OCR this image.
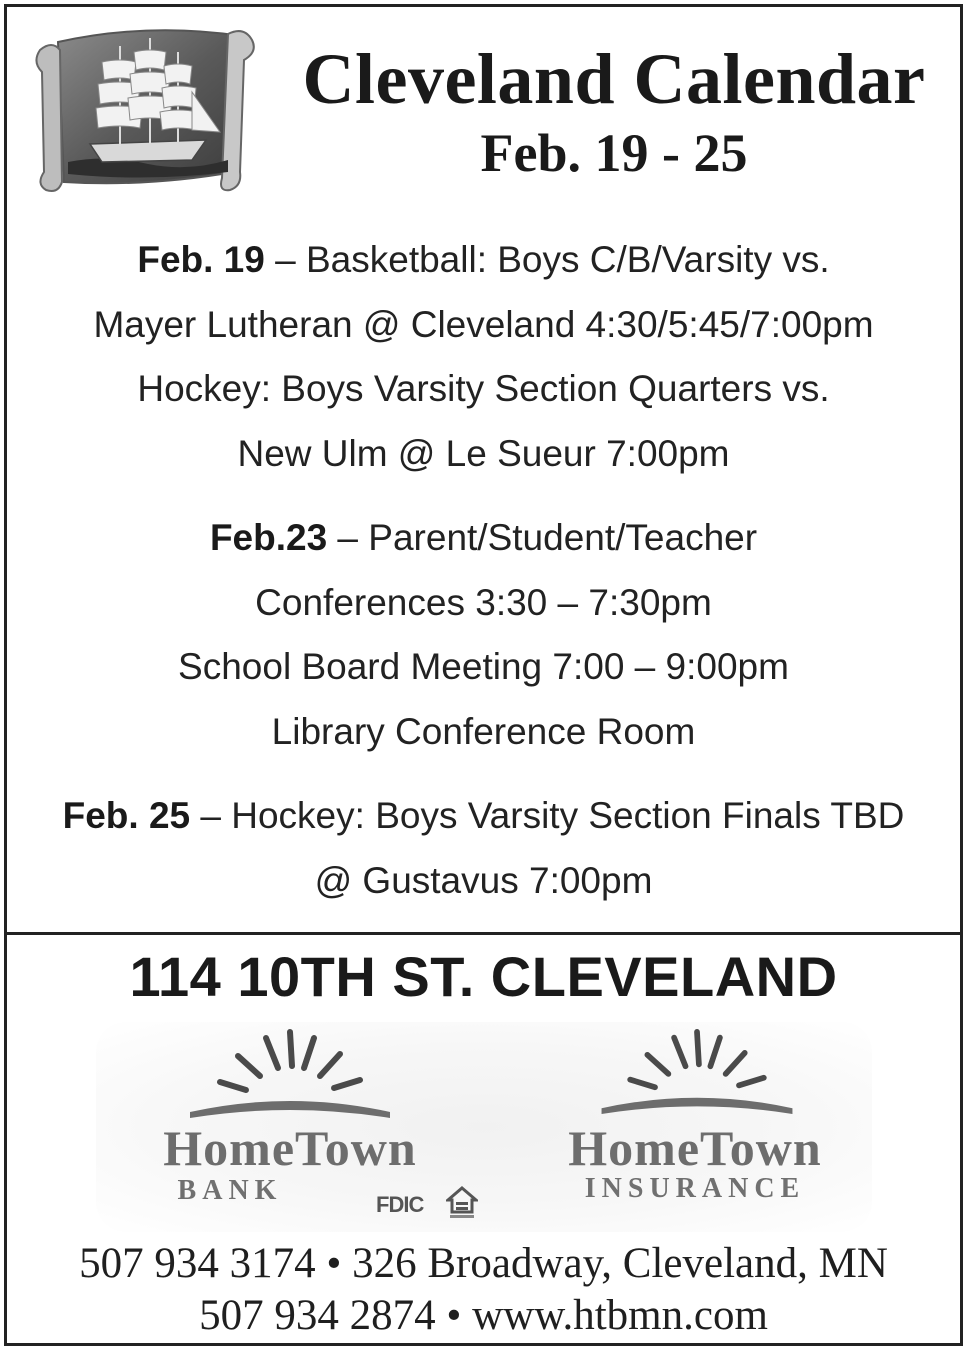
Cleveland Calendar
Feb. 19 - 25
Feb. 19 – Basketball: Boys C/B/Varsity vs.
Mayer Lutheran @ Cleveland 4:30/5:45/7:00pm
Hockey: Boys Varsity Section Quarters vs.
New Ulm @ Le Sueur 7:00pm
Feb.23 – Parent/Student/Teacher
Conferences 3:30 – 7:30pm
School Board Meeting 7:00 – 9:00pm
Library Conference Room
Feb. 25 – Hockey: Boys Varsity Section Finals TBD
@ Gustavus 7:00pm
114 10TH ST. CLEVELAND
HomeTown
BANK	FDIC
HomeTown
INSURANCE
507 934 3174 • 326 Broadway, Cleveland, MN
507 934 2874 • www.htbmn.com
